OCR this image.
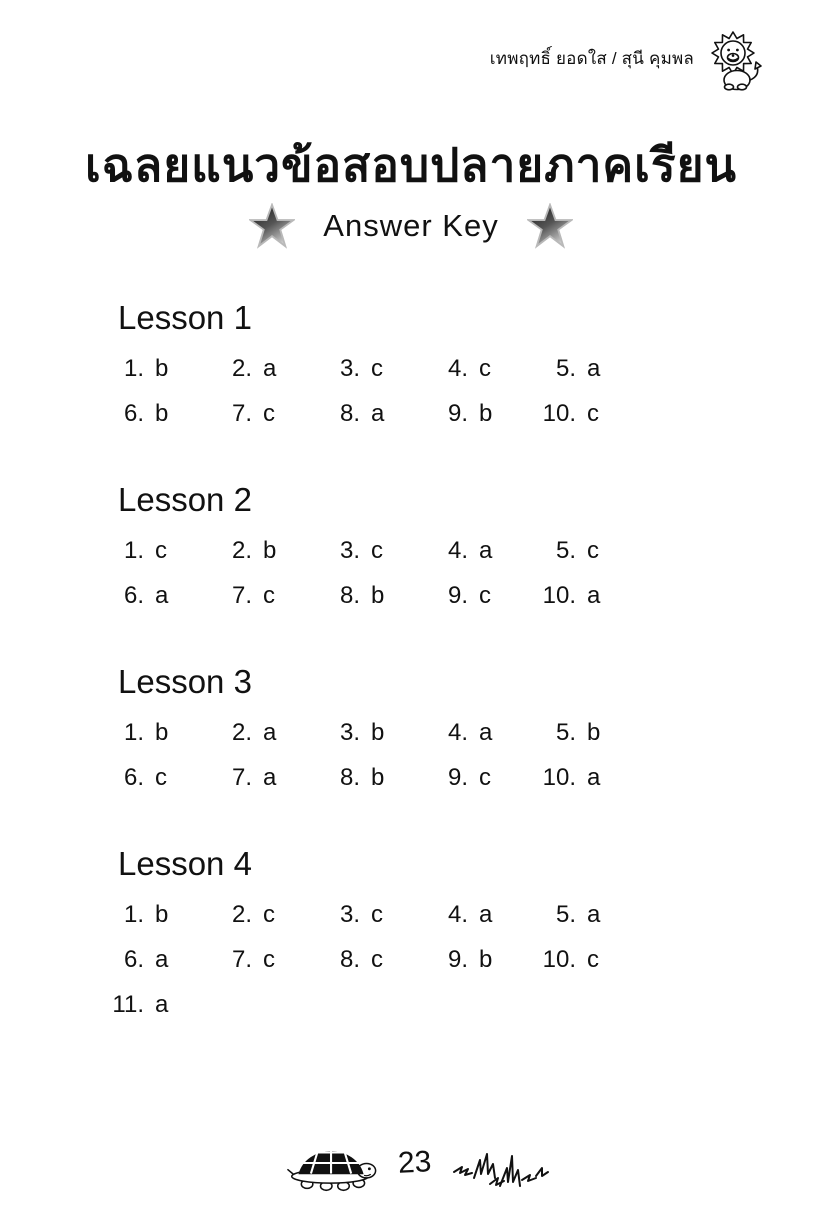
เทพฤทธิ์ ยอดใส / สุนี คุมพล
เฉลยแนวข้อสอบปลายภาคเรียน
Answer Key
Lesson 1
1. b	2. a	3. c	4. c	5. a
6. b	7. c	8. a	9. b 10. c
Lesson 2
1. c	2. b	3. c	4. a	5. c
6. a	7. c	8. b	9. c 10. a
Lesson 3
1. b	2. a	3. b	4. a	5. b
6. c	7. a	8. b	9. c 10. a
Lesson 4
1. b	2. c	3. c	4. a	5. a
6. a	7. c	8. c	9. b 10. c
11. a
23
